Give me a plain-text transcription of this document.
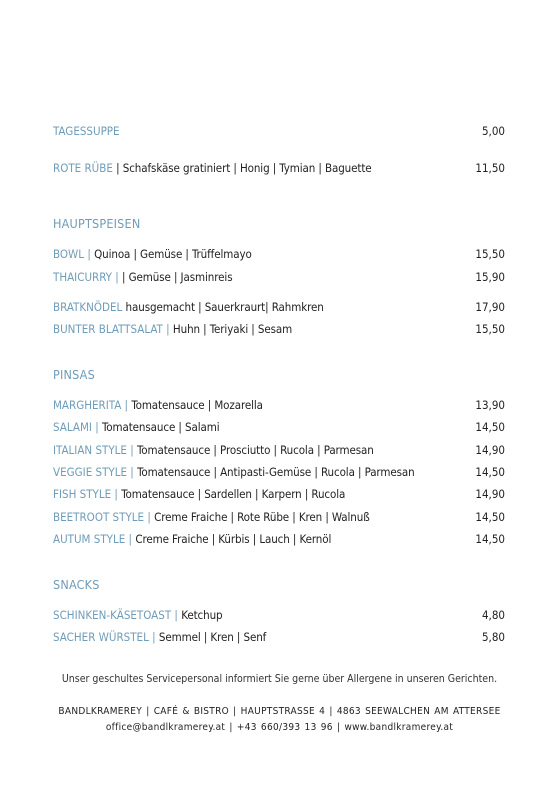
TAGESSUPPE	5,00
ROTE RÜBE | Schafskäse gratiniert | Honig | Tymian | Baguette	11,50
HAUPTSPEISEN
BOWL | Quinoa | Gemüse | Trüffelmayo	15,50
THAICURRY | | Gemüse | Jasminreis	15,90
BRATKNÖDEL hausgemacht | Sauerkraurt| Rahmkren	17,90
BUNTER BLATTSALAT | Huhn | Teriyaki | Sesam	15,50
PINSAS
MARGHERITA | Tomatensauce | Mozarella	13,90
SALAMI | Tomatensauce | Salami	14,50
ITALIAN STYLE | Tomatensauce | Prosciutto | Rucola | Parmesan	14,90
VEGGIE STYLE | Tomatensauce | Antipasti-Gemüse | Rucola | Parmesan	14,50
FISH STYLE | Tomatensauce | Sardellen | Karpern | Rucola	14,90
BEETROOT STYLE | Creme Fraiche | Rote Rübe | Kren | Walnuß	14,50
AUTUM STYLE | Creme Fraiche | Kürbis | Lauch | Kernöl	14,50
SNACKS
SCHINKEN-KÄSETOAST | Ketchup	4,80
SACHER WÜRSTEL | Semmel | Kren | Senf	5,80
Unser geschultes Servicepersonal informiert Sie gerne über Allergene in unseren Gerichten.
BANDLKRAMEREY | CAFÉ & BISTRO | HAUPTSTRASSE 4 | 4863 SEEWALCHEN AM ATTERSEE
office@bandlkramerey.at | +43 660/393 13 96 | www.bandlkramerey.at
